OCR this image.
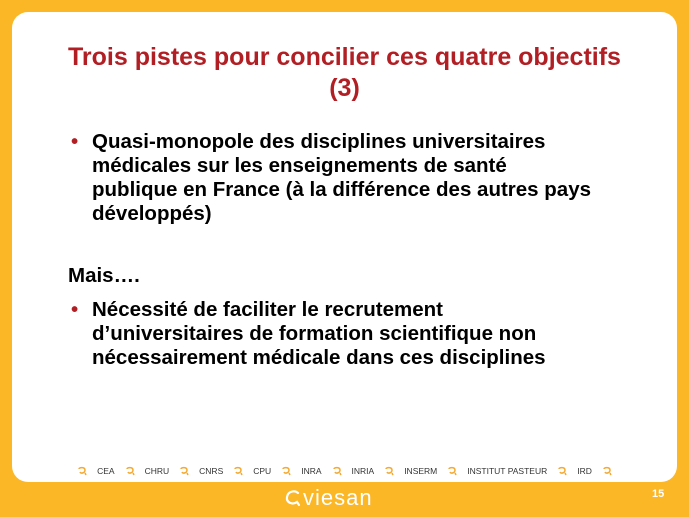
Trois pistes pour concilier ces quatre objectifs
(3)
• Quasi-monopole des disciplines universitaires
médicales sur les enseignements de santé
publique en France (à la différence des autres pays
développés)
Mais….
• Nécessité de faciliter le recrutement
d’universitaires de formation scientifique non
nécessairement médicale dans ces disciplines
CEA	CHRU	CNRS	CPU	INRA	INRIA	INSERM	INSTITUT PASTEUR	IRD
viesan	15
